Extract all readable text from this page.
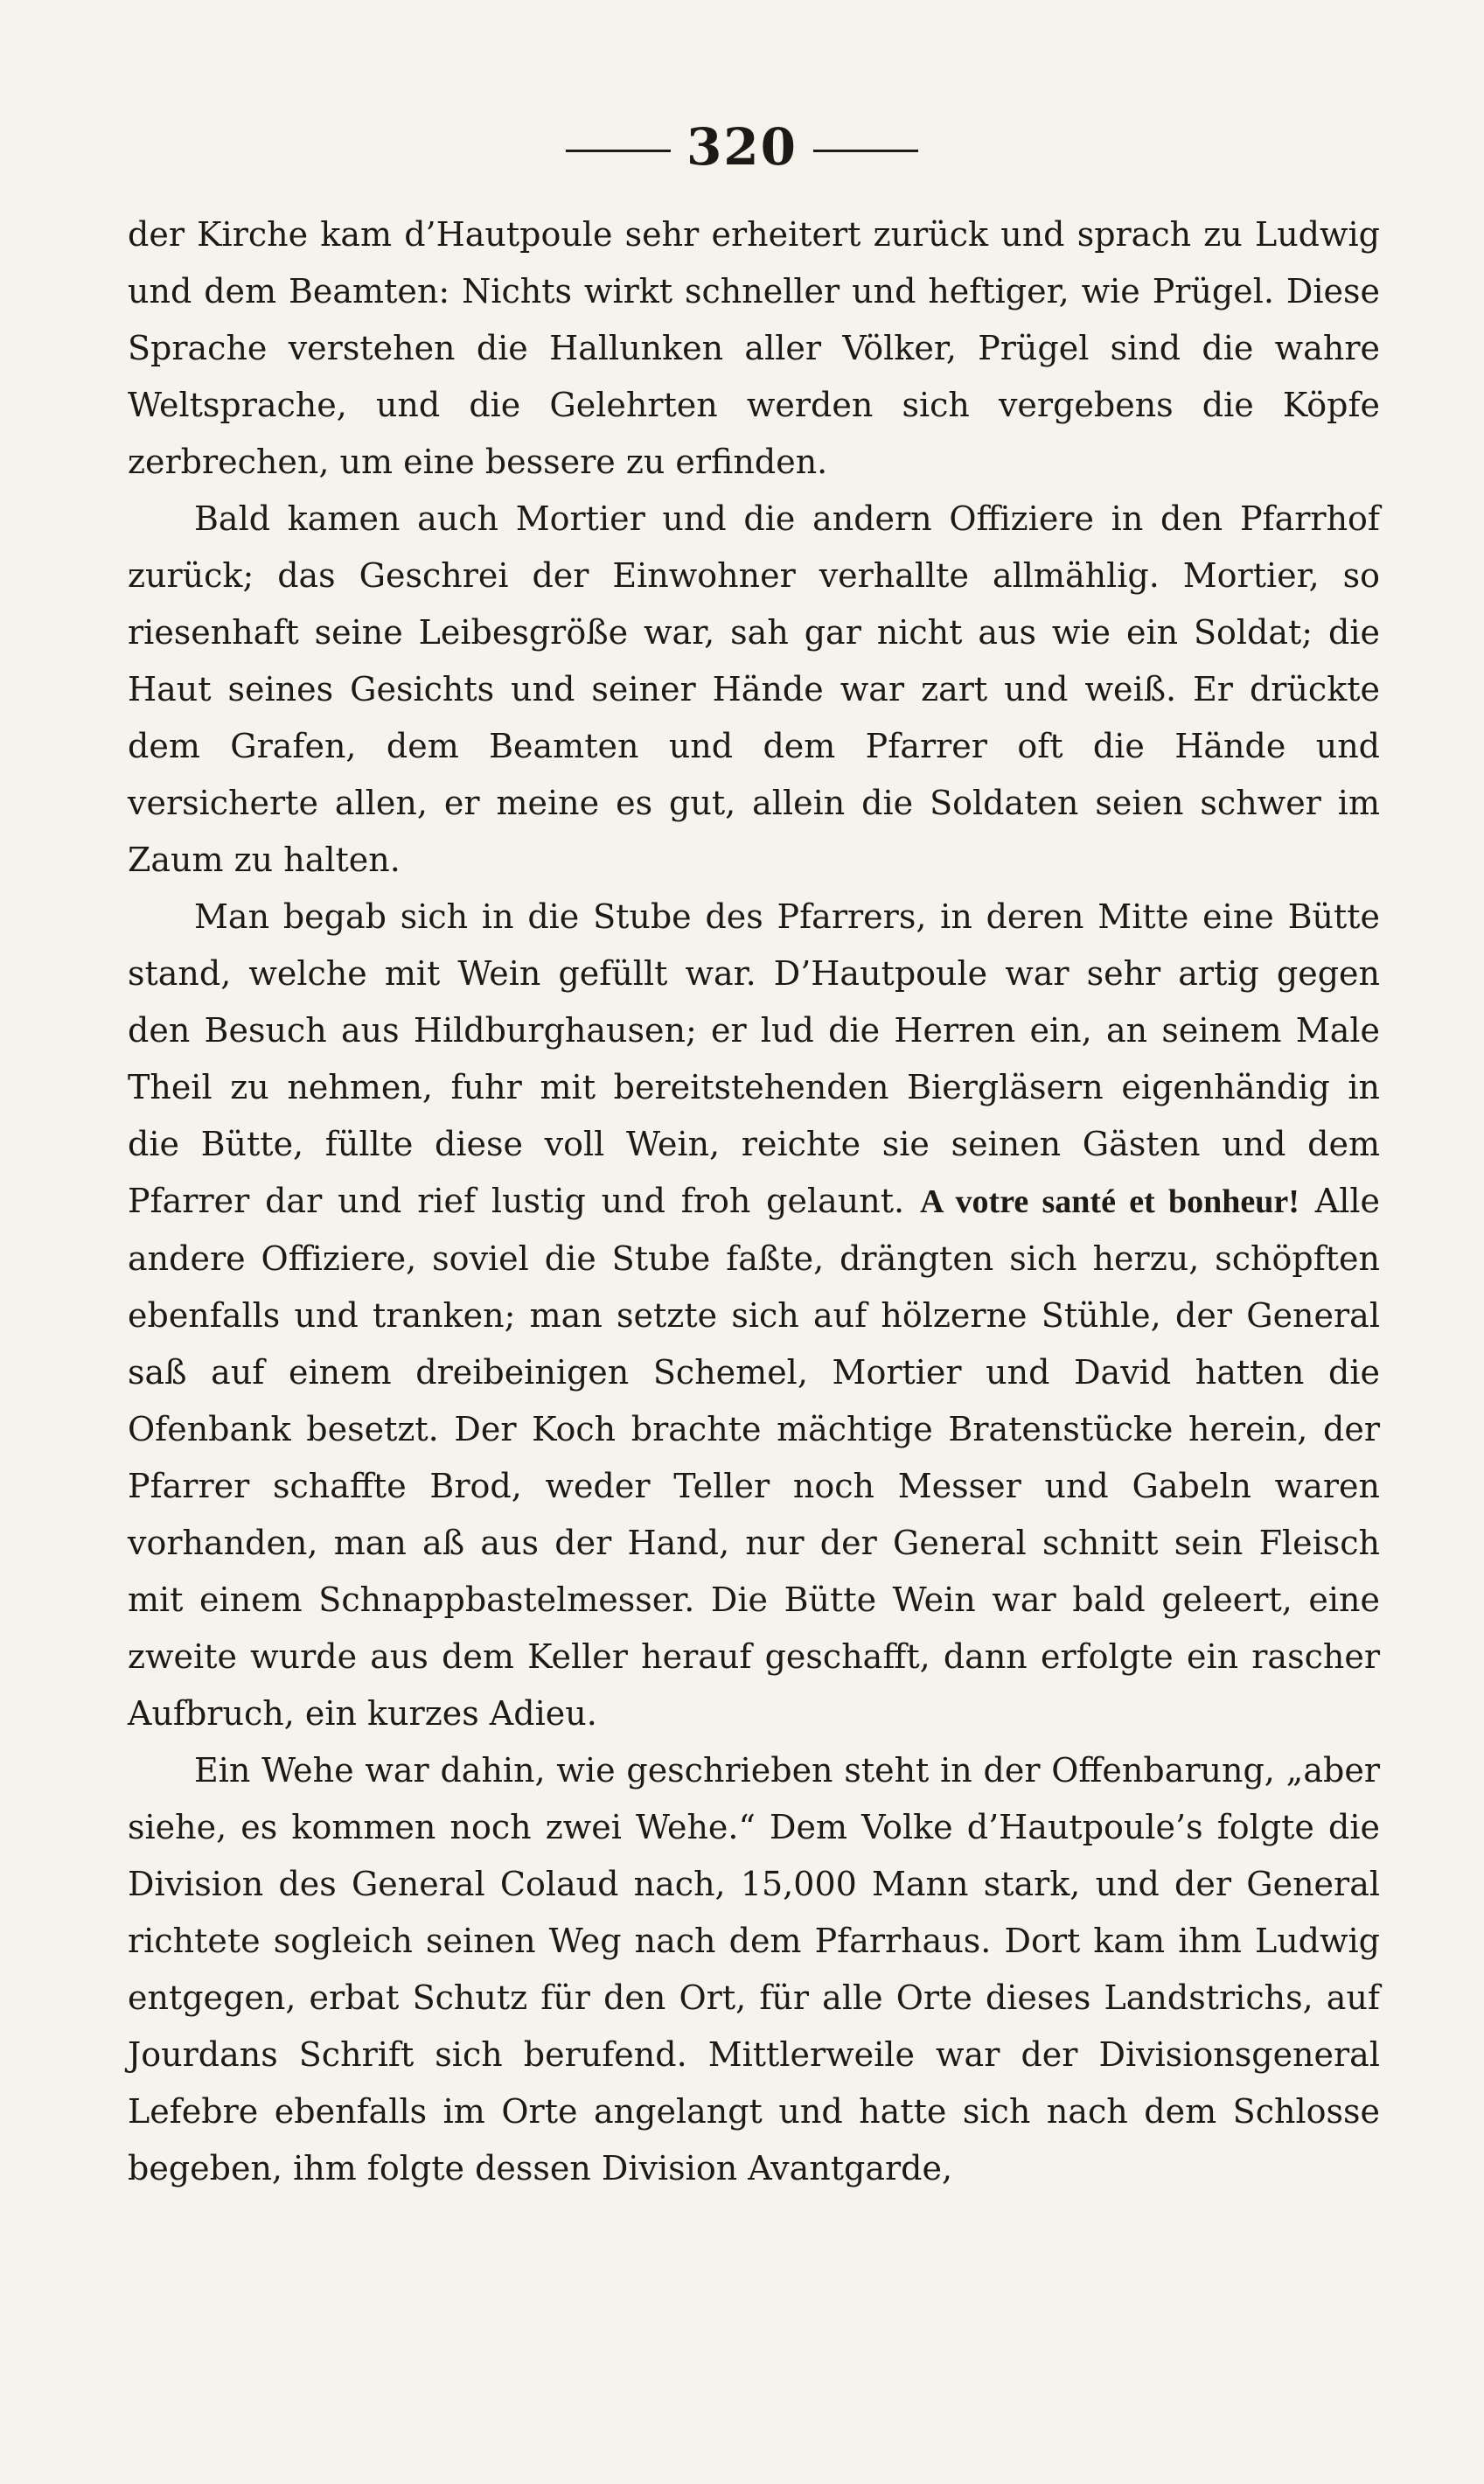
320

der Kirche kam d’Hautpoule sehr erheitert zurück und sprach zu Ludwig und dem Beamten: Nichts wirkt schneller und heftiger, wie Prügel. Diese Sprache verstehen die Hallunken aller Völker, Prügel sind die wahre Weltsprache, und die Gelehrten werden sich vergebens die Köpfe zerbrechen, um eine bessere zu erfinden.

Bald kamen auch Mortier und die andern Offiziere in den Pfarrhof zurück; das Geschrei der Einwohner verhallte allmählig. Mortier, so riesenhaft seine Leibesgröße war, sah gar nicht aus wie ein Soldat; die Haut seines Gesichts und seiner Hände war zart und weiß. Er drückte dem Grafen, dem Beamten und dem Pfarrer oft die Hände und versicherte allen, er meine es gut, allein die Soldaten seien schwer im Zaum zu halten.

Man begab sich in die Stube des Pfarrers, in deren Mitte eine Bütte stand, welche mit Wein gefüllt war. D’Hautpoule war sehr artig gegen den Besuch aus Hildburghausen; er lud die Herren ein, an seinem Male Theil zu nehmen, fuhr mit bereitstehenden Biergläsern eigenhändig in die Bütte, füllte diese voll Wein, reichte sie seinen Gästen und dem Pfarrer dar und rief lustig und froh gelaunt. A votre santé et bonheur! Alle andere Offiziere, soviel die Stube faßte, drängten sich herzu, schöpften ebenfalls und tranken; man setzte sich auf hölzerne Stühle, der General saß auf einem dreibeinigen Schemel, Mortier und David hatten die Ofenbank besetzt. Der Koch brachte mächtige Bratenstücke herein, der Pfarrer schaffte Brod, weder Teller noch Messer und Gabeln waren vorhanden, man aß aus der Hand, nur der General schnitt sein Fleisch mit einem Schnappbastelmesser. Die Bütte Wein war bald geleert, eine zweite wurde aus dem Keller herauf geschafft, dann erfolgte ein rascher Aufbruch, ein kurzes Adieu.

Ein Wehe war dahin, wie geschrieben steht in der Offenbarung, „aber siehe, es kommen noch zwei Wehe.“ Dem Volke d’Hautpoule’s folgte die Division des General Colaud nach, 15,000 Mann stark, und der General richtete sogleich seinen Weg nach dem Pfarrhaus. Dort kam ihm Ludwig entgegen, erbat Schutz für den Ort, für alle Orte dieses Landstrichs, auf Jourdans Schrift sich berufend. Mittlerweile war der Divisionsgeneral Lefebre ebenfalls im Orte angelangt und hatte sich nach dem Schlosse begeben, ihm folgte dessen Division Avantgarde,
